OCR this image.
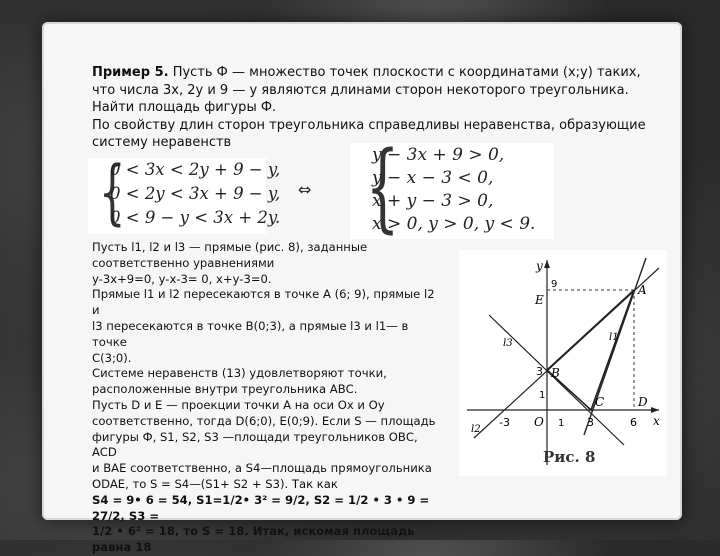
Пример 5. Пусть Ф — множество точек плоскости с координатами (x;y) таких,
что числа 3x, 2y и 9 — y являются длинами сторон некоторого треугольника.
Найти площадь фигуры Ф.
По свойству длин сторон треугольника справедливы неравенства, образующие
систему неравенств
{
0 < 3x < 2y + 9 − y,
0 < 2y < 3x + 9 − y,
0 < 9 − y < 3x + 2y.
⇔ {
y − 3x + 9 > 0,
y − x − 3 < 0,
x + y − 3 > 0,
x > 0, y > 0, y < 9.
Пусть l1, l2 и l3 — прямые (рис. 8), заданные
соответственно уравнениями
y-3x+9=0, y-x-3= 0, x+y-3=0.
Прямые l1 и l2 пересекаются в точке А (6; 9), прямые l2 и
l3 пересекаются в точке В(0;3), а прямые l3 и l1— в точке
С(3;0).
Системе неравенств (13) удовлетворяют точки,
расположенные внутри треугольника АВС.
Пусть D и Е — проекции точки А на оси Ох и Оу
соответственно, тогда D(6;0), Е(0;9). Если S — площадь
фигуры Ф, S1, S2, S3 —площади треугольников ОВС, ACD
и ВАЕ соответственно, а S4—площадь прямоугольника
ODAE, то S = S4—(S1+ S2 + S3). Так как
S4 = 9• 6 = 54, S1=1/2• 3² = 9/2, S2 = 1/2 • 3 • 9 = 27/2, S3 =
1/2 • 6² = 18, то S = 18. Итак, искомая площадь равна 18
y
x
A
B
C	D
E
O
9
3
1
-3	1 3	6
l1
l2
l3
Рис. 8
